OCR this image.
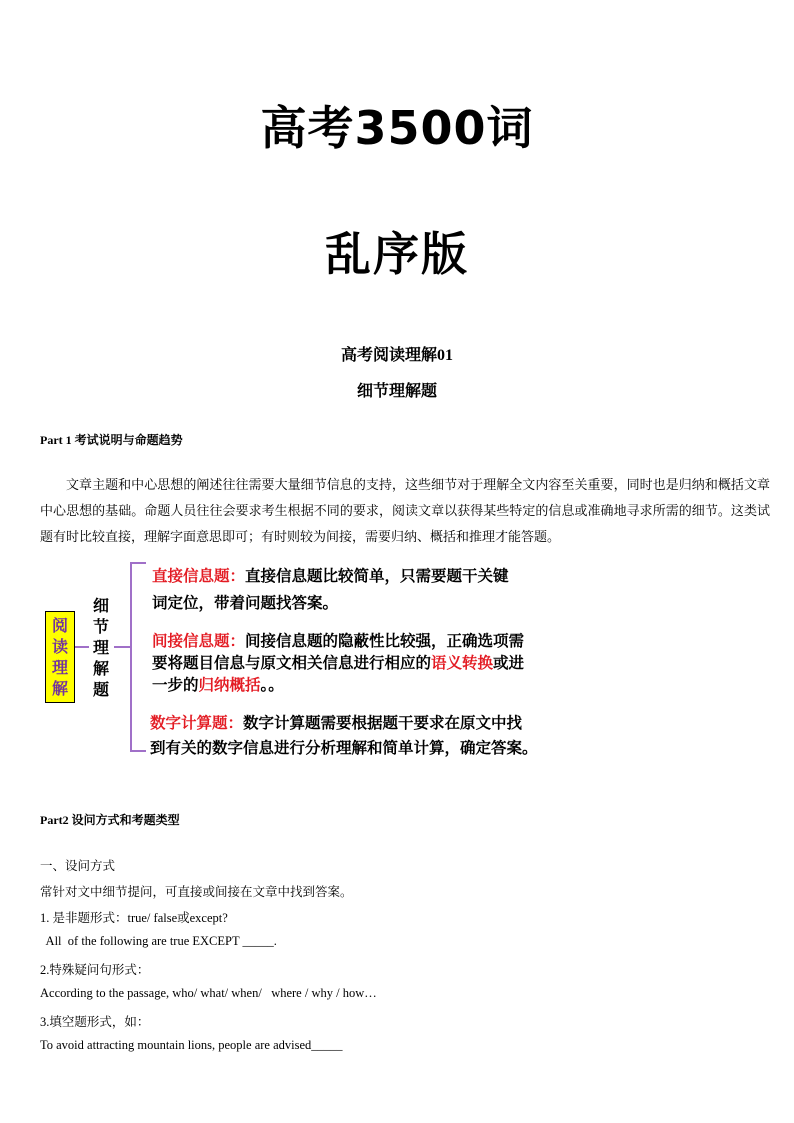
高考3500词
乱序版
高考阅读理解01
细节理解题
Part 1 考试说明与命题趋势
文章主题和中心思想的阐述往往需要大量细节信息的支持，这些细节对于理解全文内容至关重要，同时也是归纳和概括文章中心思想的基础。命题人员往往会要求考生根据不同的要求，阅读文章以获得某些特定的信息或准确地寻求所需的细节。这类试题有时比较直接，理解字面意思即可；有时则较为间接，需要归纳、概括和推理才能答题。
阅
读
理
解
细
节
理
解
题
直接信息题：直接信息题比较简单，只需要题干关键
词定位，带着问题找答案。
间接信息题：间接信息题的隐蔽性比较强，正确选项需
要将题目信息与原文相关信息进行相应的语义转换或进
一步的归纳概括。。
数字计算题：数字计算题需要根据题干要求在原文中找
到有关的数字信息进行分析理解和简单计算，确定答案。
Part2 设问方式和考题类型
一、设问方式
常针对文中细节提问，可直接或间接在文章中找到答案。
1. 是非题形式：true/ false或except?
All  of the following are true EXCEPT _____.
2.特殊疑问句形式：
According to the passage, who/ what/ when/   where / why / how…
3.填空题形式，如：
To avoid attracting mountain lions, people are advised_____
